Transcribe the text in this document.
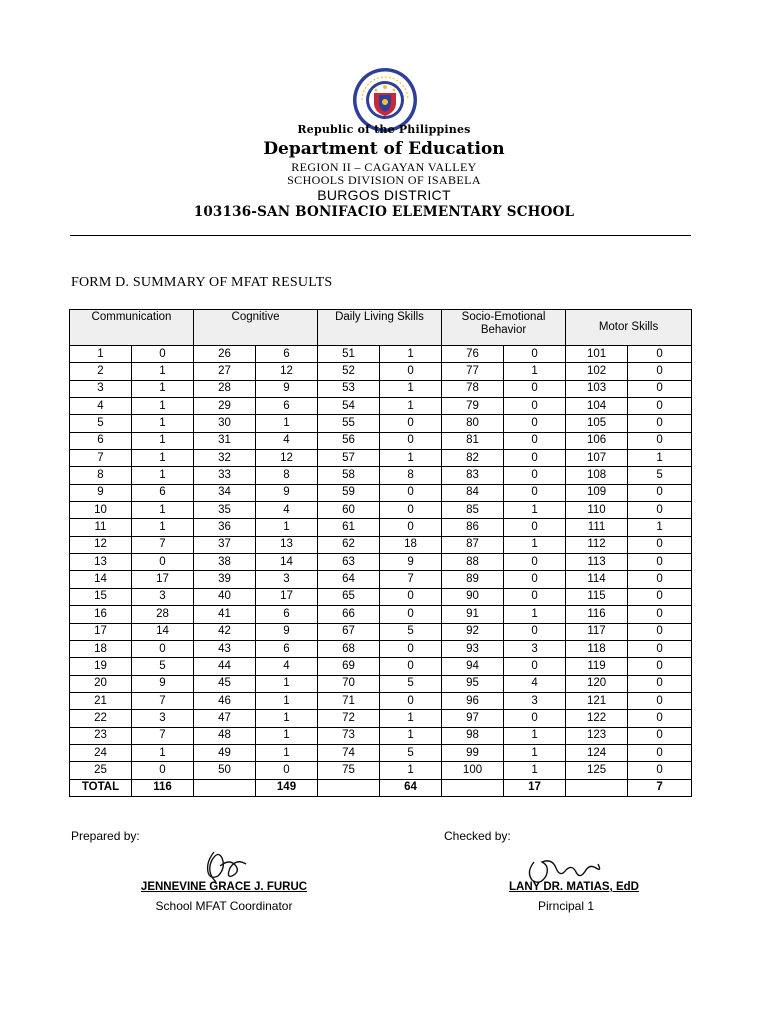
Republic of the Philippines
Department of Education
REGION II – CAGAYAN VALLEY
SCHOOLS DIVISION OF ISABELA
BURGOS DISTRICT
103136-SAN BONIFACIO ELEMENTARY SCHOOL
FORM D. SUMMARY OF MFAT RESULTS
Communication		Cognitive		Daily Living Skills		Socio-Emotional Behavior		Motor Skills	
1	0	26	6	51	1	76	0	101	0
2	1	27	12	52	0	77	1	102	0
3	1	28	9	53	1	78	0	103	0
4	1	29	6	54	1	79	0	104	0
5	1	30	1	55	0	80	0	105	0
6	1	31	4	56	0	81	0	106	0
7	1	32	12	57	1	82	0	107	1
8	1	33	8	58	8	83	0	108	5
9	6	34	9	59	0	84	0	109	0
10	1	35	4	60	0	85	1	110	0
11	1	36	1	61	0	86	0	111	1
12	7	37	13	62	18	87	1	112	0
13	0	38	14	63	9	88	0	113	0
14	17	39	3	64	7	89	0	114	0
15	3	40	17	65	0	90	0	115	0
16	28	41	6	66	0	91	1	116	0
17	14	42	9	67	5	92	0	117	0
18	0	43	6	68	0	93	3	118	0
19	5	44	4	69	0	94	0	119	0
20	9	45	1	70	5	95	4	120	0
21	7	46	1	71	0	96	3	121	0
22	3	47	1	72	1	97	0	122	0
23	7	48	1	73	1	98	1	123	0
24	1	49	1	74	5	99	1	124	0
25	0	50	0	75	1	100	1	125	0
TOTAL	116		149		64		17		7
Prepared by:	Checked by:
JENNEVINE GRACE J. FURUC
School MFAT Coordinator
LANY DR. MATIAS, EdD
Pirncipal 1
